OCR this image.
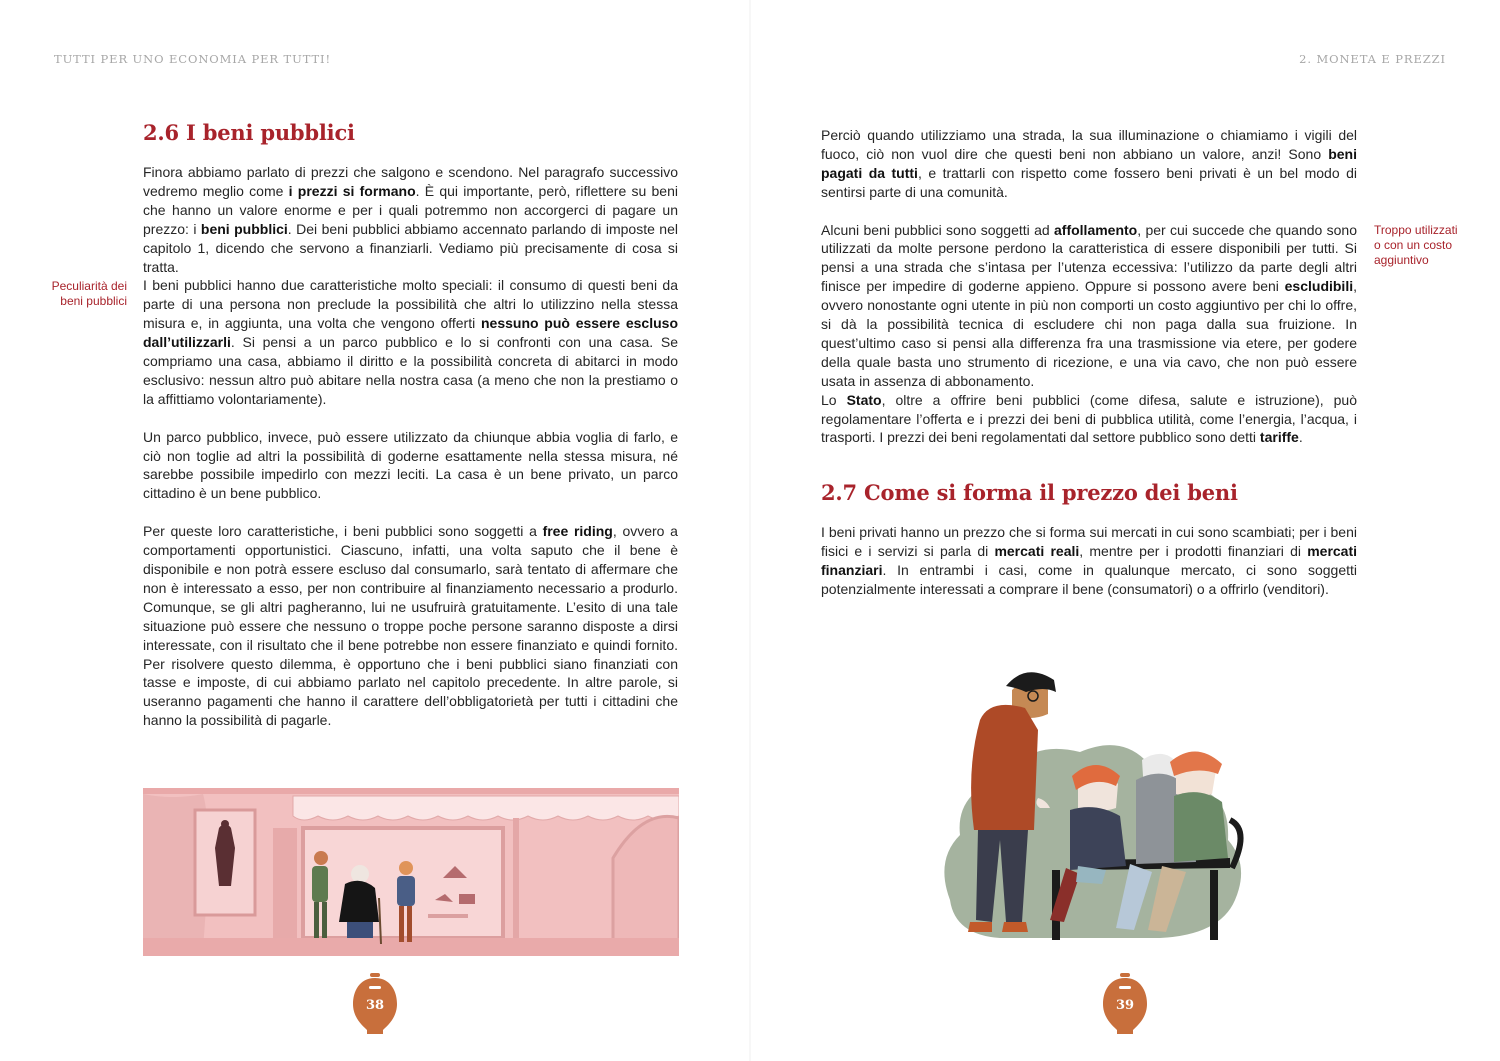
TUTTI PER UNO ECONOMIA PER TUTTI!	2. MONETA E PREZZI
2.6 I beni pubblici
Peculiarità dei beni pubblici

Finora abbiamo parlato di prezzi che salgono e scendono. Nel paragrafo successivo vedremo meglio come i prezzi si formano. È qui importante, però, riflettere su beni che hanno un valore enorme e per i quali potremmo non accorgerci di pagare un prezzo: i beni pubblici. Dei beni pubblici abbiamo accennato parlando di imposte nel capitolo 1, dicendo che servono a finanziarli. Vediamo più precisamente di cosa si tratta.

I beni pubblici hanno due caratteristiche molto speciali: il consumo di questi beni da parte di una persona non preclude la possibilità che altri lo utilizzino nella stessa misura e, in aggiunta, una volta che vengono offerti nessuno può essere escluso dall’utilizzarli. Si pensi a un parco pubblico e lo si confronti con una casa. Se compriamo una casa, abbiamo il diritto e la possibilità concreta di abitarci in modo esclusivo: nessun altro può abitare nella nostra casa (a meno che non la prestiamo o la affittiamo volontariamente).

Un parco pubblico, invece, può essere utilizzato da chiunque abbia voglia di farlo, e ciò non toglie ad altri la possibilità di goderne esattamente nella stessa misura, né sarebbe possibile impedirlo con mezzi leciti. La casa è un bene privato, un parco cittadino è un bene pubblico.

Per queste loro caratteristiche, i beni pubblici sono soggetti a free riding, ovvero a comportamenti opportunistici. Ciascuno, infatti, una volta saputo che il bene è disponibile e non potrà essere escluso dal consumarlo, sarà tentato di affermare che non è interessato a esso, per non contribuire al finanziamento necessario a produrlo. Comunque, se gli altri pagheranno, lui ne usufruirà gratuitamente. L’esito di una tale situazione può essere che nessuno o troppe poche persone saranno disposte a dirsi interessate, con il risultato che il bene potrebbe non essere finanziato e quindi fornito. Per risolvere questo dilemma, è opportuno che i beni pubblici siano finanziati con tasse e imposte, di cui abbiamo parlato nel capitolo precedente. In altre parole, si useranno pagamenti che hanno il carattere dell’obbligatorietà per tutti i cittadini che hanno la possibilità di pagarle.

38

Perciò quando utilizziamo una strada, la sua illuminazione o chiamiamo i vigili del fuoco, ciò non vuol dire che questi beni non abbiano un valore, anzi! Sono beni pagati da tutti, e trattarli con rispetto come fossero beni privati è un bel modo di sentirsi parte di una comunità.

Alcuni beni pubblici sono soggetti ad affollamento, per cui succede che quando sono utilizzati da molte persone perdono la caratteristica di essere disponibili per tutti. Si pensi a una strada che s’intasa per l’utenza eccessiva: l’utilizzo da parte degli altri finisce per impedire di goderne appieno. Oppure si possono avere beni escludibili, ovvero nonostante ogni utente in più non comporti un costo aggiuntivo per chi lo offre, si dà la possibilità tecnica di escludere chi non paga dalla sua fruizione. In quest’ultimo caso si pensi alla differenza fra una trasmissione via etere, per godere della quale basta uno strumento di ricezione, e una via cavo, che non può essere usata in assenza di abbonamento.

Lo Stato, oltre a offrire beni pubblici (come difesa, salute e istruzione), può regolamentare l’offerta e i prezzi dei beni di pubblica utilità, come l’energia, l’acqua, i trasporti. I prezzi dei beni regolamentati dal settore pubblico sono detti tariffe.

Troppo utilizzati o con un costo aggiuntivo
2.7 Come si forma il prezzo dei beni

I beni privati hanno un prezzo che si forma sui mercati in cui sono scambiati; per i beni fisici e i servizi si parla di mercati reali, mentre per i prodotti finanziari di mercati finanziari. In entrambi i casi, come in qualunque mercato, ci sono soggetti potenzialmente interessati a comprare il bene (consumatori) o a offrirlo (venditori).

39
